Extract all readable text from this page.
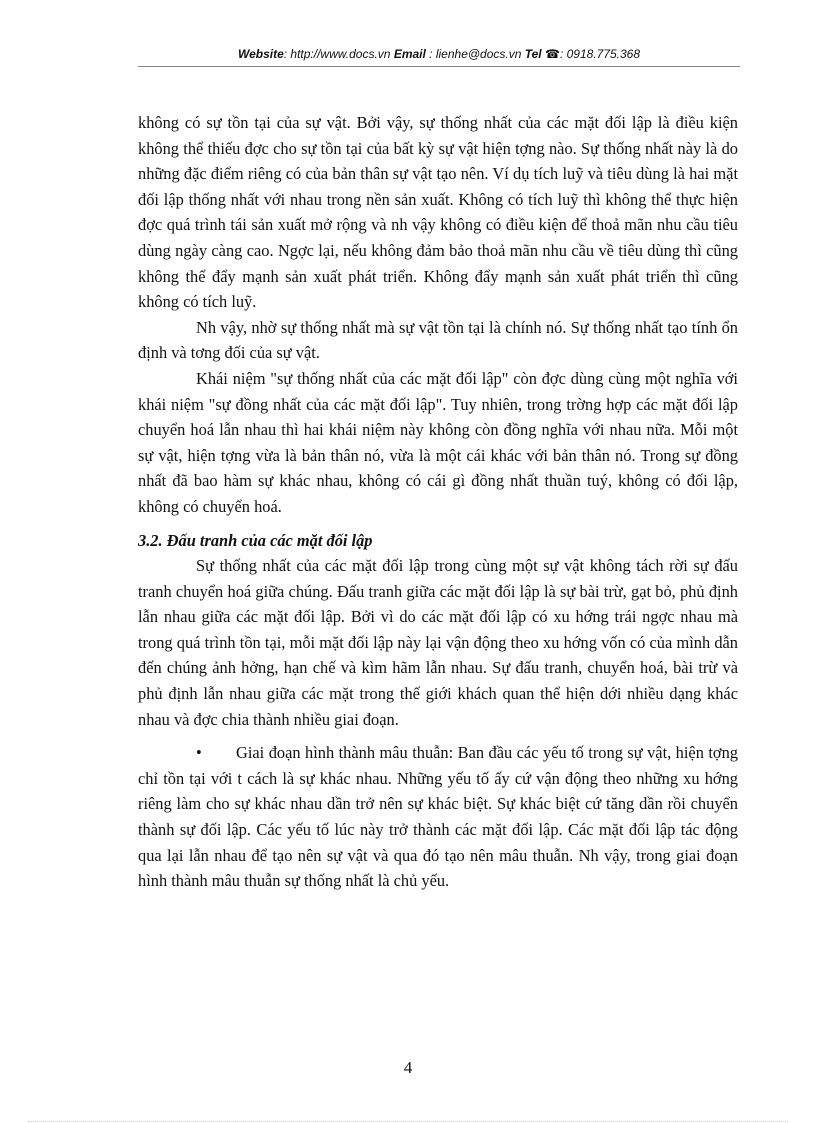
Website: http://www.docs.vn Email : lienhe@docs.vn Tel ☎: 0918.775.368

không có sự tồn tại của sự vật. Bởi vậy, sự thống nhất của các mặt đối lập là điều kiện không thể thiếu đợc cho sự tồn tại của bất kỳ sự vật hiện tợng nào. Sự thống nhất này là do những đặc điểm riêng có của bản thân sự vật tạo nên. Ví dụ tích luỹ và tiêu dùng là hai mặt đối lập thống nhất với nhau trong nền sản xuất. Không có tích luỹ thì không thể thực hiện đợc quá trình tái sản xuất mở rộng và nh vậy không có điều kiện để thoả mãn nhu cầu tiêu dùng ngày càng cao. Ngợc lại, nếu không đảm bảo thoả mãn nhu cầu về tiêu dùng thì cũng không thể đẩy mạnh sản xuất phát triển. Không đẩy mạnh sản xuất phát triển thì cũng không có tích luỹ.

Nh vậy, nhờ sự thống nhất mà sự vật tồn tại là chính nó. Sự thống nhất tạo tính ổn định và tơng đối của sự vật.

Khái niệm "sự thống nhất của các mặt đối lập" còn đợc dùng cùng một nghĩa với khái niệm "sự đồng nhất của các mặt đối lập". Tuy nhiên, trong trờng hợp các mặt đối lập chuyển hoá lẫn nhau thì hai khái niệm này không còn đồng nghĩa với nhau nữa. Mỗi một sự vật, hiện tợng vừa là bản thân nó, vừa là một cái khác với bản thân nó. Trong sự đồng nhất đã bao hàm sự khác nhau, không có cái gì đồng nhất thuần tuý, không có đối lập, không có chuyển hoá.

3.2. Đấu tranh của các mặt đối lập

Sự thống nhất của các mặt đối lập trong cùng một sự vật không tách rời sự đấu tranh chuyển hoá giữa chúng. Đấu tranh giữa các mặt đối lập là sự bài trừ, gạt bỏ, phủ định lẫn nhau giữa các mặt đối lập. Bởi vì do các mặt đối lập có xu hớng trái ngợc nhau mà trong quá trình tồn tại, mỗi mặt đối lập này lại vận động theo xu hớng vốn có của mình dẫn đến chúng ảnh hởng, hạn chế và kìm hãm lẫn nhau. Sự đấu tranh, chuyển hoá, bài trừ và phủ định lẫn nhau giữa các mặt trong thế giới khách quan thể hiện dới nhiều dạng khác nhau và đợc chia thành nhiều giai đoạn.

• Giai đoạn hình thành mâu thuẫn: Ban đầu các yếu tố trong sự vật, hiện tợng chỉ tồn tại với t cách là sự khác nhau. Những yếu tố ấy cứ vận động theo những xu hớng riêng làm cho sự khác nhau dần trở nên sự khác biệt. Sự khác biệt cứ tăng dần rồi chuyển thành sự đối lập. Các yếu tố lúc này trở thành các mặt đối lập. Các mặt đối lập tác động qua lại lẫn nhau để tạo nên sự vật và qua đó tạo nên mâu thuẫn. Nh vậy, trong giai đoạn hình thành mâu thuẫn sự thống nhất là chủ yếu.

4
